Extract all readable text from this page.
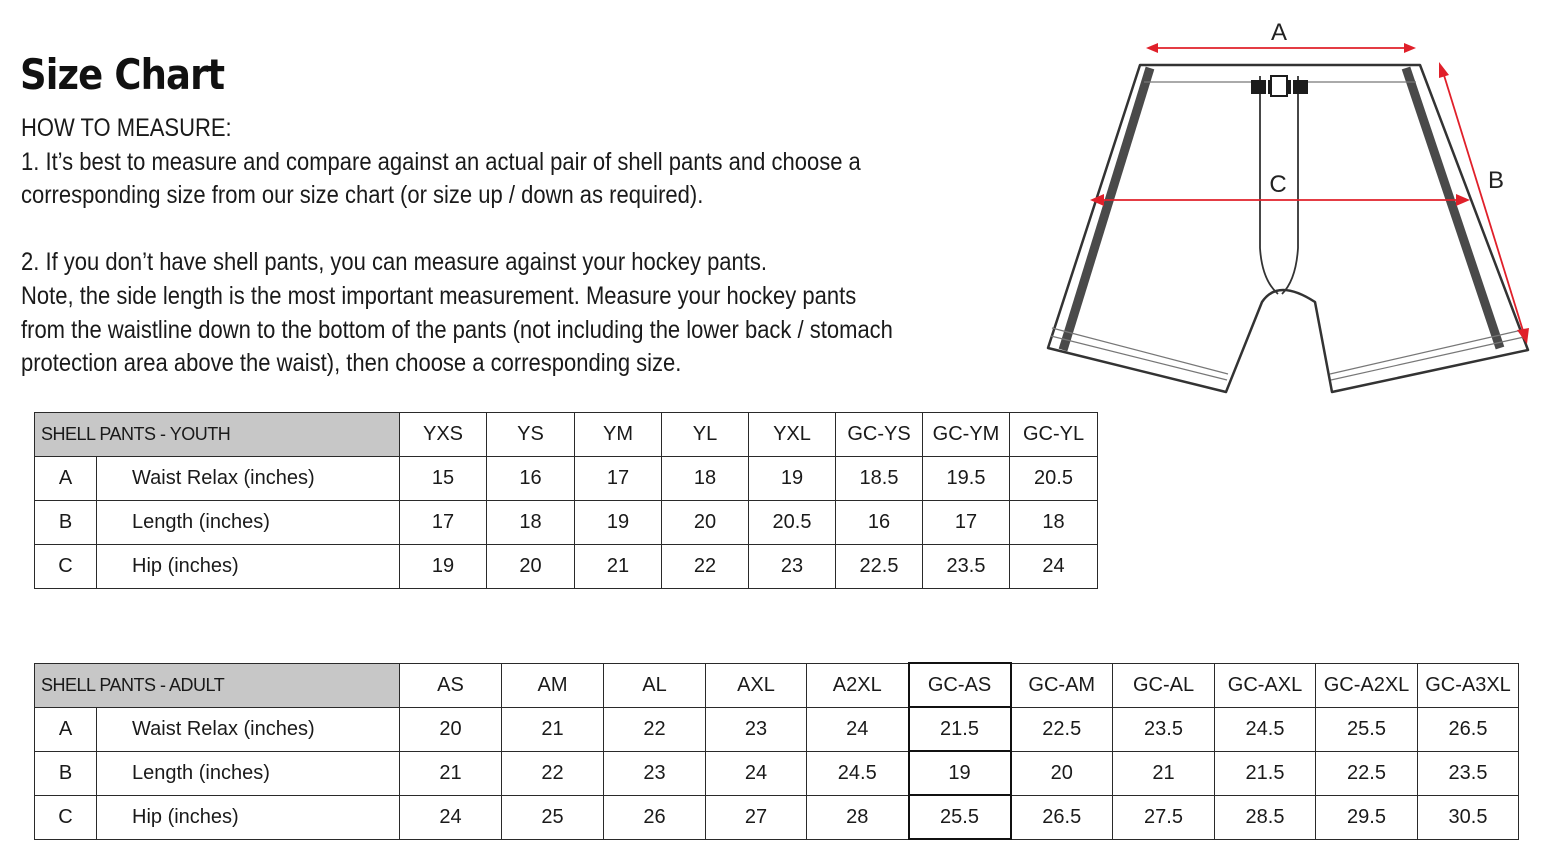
Size Chart
HOW TO MEASURE:
1. It’s best to measure and compare against an actual pair of shell pants and choose a
corresponding size from our size chart (or size up / down as required).
2. If you don’t have shell pants, you can measure against your hockey pants.
Note, the side length is the most important measurement. Measure your hockey pants
from the waistline down to the bottom of the pants (not including the lower back / stomach
protection area above the waist), then choose a corresponding size.
A
C	B
SHELL PANTS - YOUTH		YXS	YS	YM	YL	YXL	GC-YS	GC-YM	GC-YL
A	Waist Relax (inches)	15	16	17	18	19	18.5	19.5	20.5
B	Length (inches)	17	18	19	20	20.5	16	17	18
C	Hip (inches)	19	20	21	22	23	22.5	23.5	24
SHELL PANTS - ADULT		AS	AM	AL	AXL	A2XL	GC-AS	GC-AM	GC-AL	GC-AXL	GC-A2XL	GC-A3XL
A	Waist Relax (inches)	20	21	22	23	24	21.5	22.5	23.5	24.5	25.5	26.5
B	Length (inches)	21	22	23	24	24.5	19	20	21	21.5	22.5	23.5
C	Hip (inches)	24	25	26	27	28	25.5	26.5	27.5	28.5	29.5	30.5
